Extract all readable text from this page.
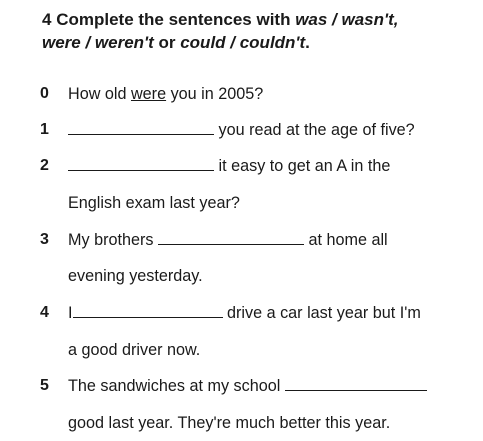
4 Complete the sentences with was / wasn't,
were / weren't or could / couldn't.
0 How old were you in 2005?
1	you read at the age of five?
2	it easy to get an A in the
English exam last year?
3 My brothers	at home all
evening yesterday.
4 I	drive a car last year but I'm
a good driver now.
5 The sandwiches at my school
good last year. They're much better this year.
